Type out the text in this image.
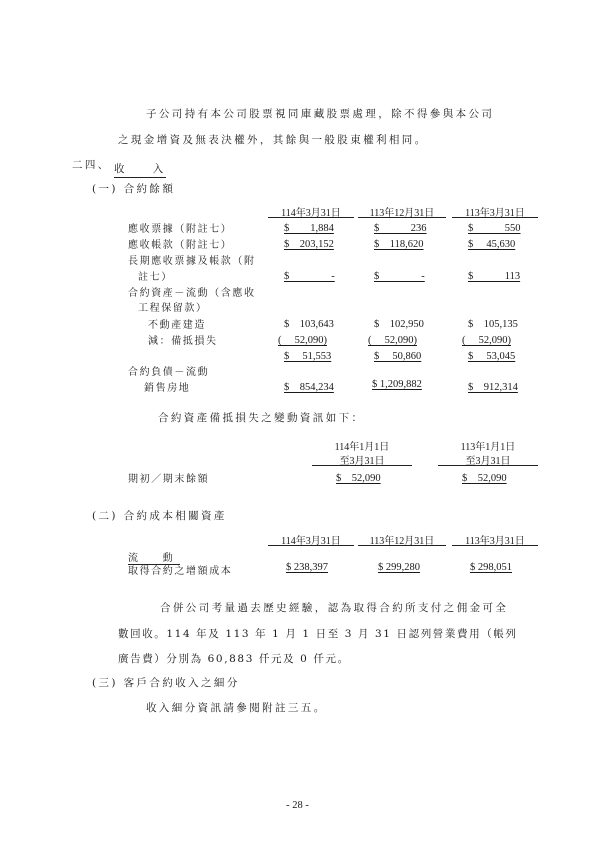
子公司持有本公司股票視同庫藏股票處理，除不得參與本公司
之現金增資及無表決權外，其餘與一般股東權利相同。
二四、 收　　入
(一) 合約餘額
114年3月31日	113年12月31日	113年3月31日
應收票據（附註七）	$　　1,884	$　　　236	$　　　550
應收帳款（附註七）	$　203,152	$　118,620	$　 45,630
長期應收票據及帳款（附
註七）	$　　　　-	$　　　　-	$　　　113
合約資產－流動（含應收
工程保留款）
不動產建造	$　103,643	$　102,950	$　105,135
減：備抵損失	(　 52,090)	(　 52,090)	(　 52,090)
$　 51,553	$　 50,860	$　 53,045
合約負債－流動
銷售房地	$　854,234	$ 1,209,882	$　912,314
合約資產備抵損失之變動資訊如下：
114年1月1日
至3月31日
113年1月1日
至3月31日
期初／期末餘額	$　52,090	$　52,090
(二) 合約成本相關資產
114年3月31日	113年12月31日	113年3月31日
流　　動
取得合約之增額成本	$ 238,397	$ 299,280	$ 298,051
合併公司考量過去歷史經驗，認為取得合約所支付之佣金可全
數回收。114 年及 113 年 1 月 1 日至 3 月 31 日認列營業費用（帳列
廣告費）分別為 60,883 仟元及 0 仟元。
(三) 客戶合約收入之細分
收入細分資訊請參閱附註三五。
- 28 -
